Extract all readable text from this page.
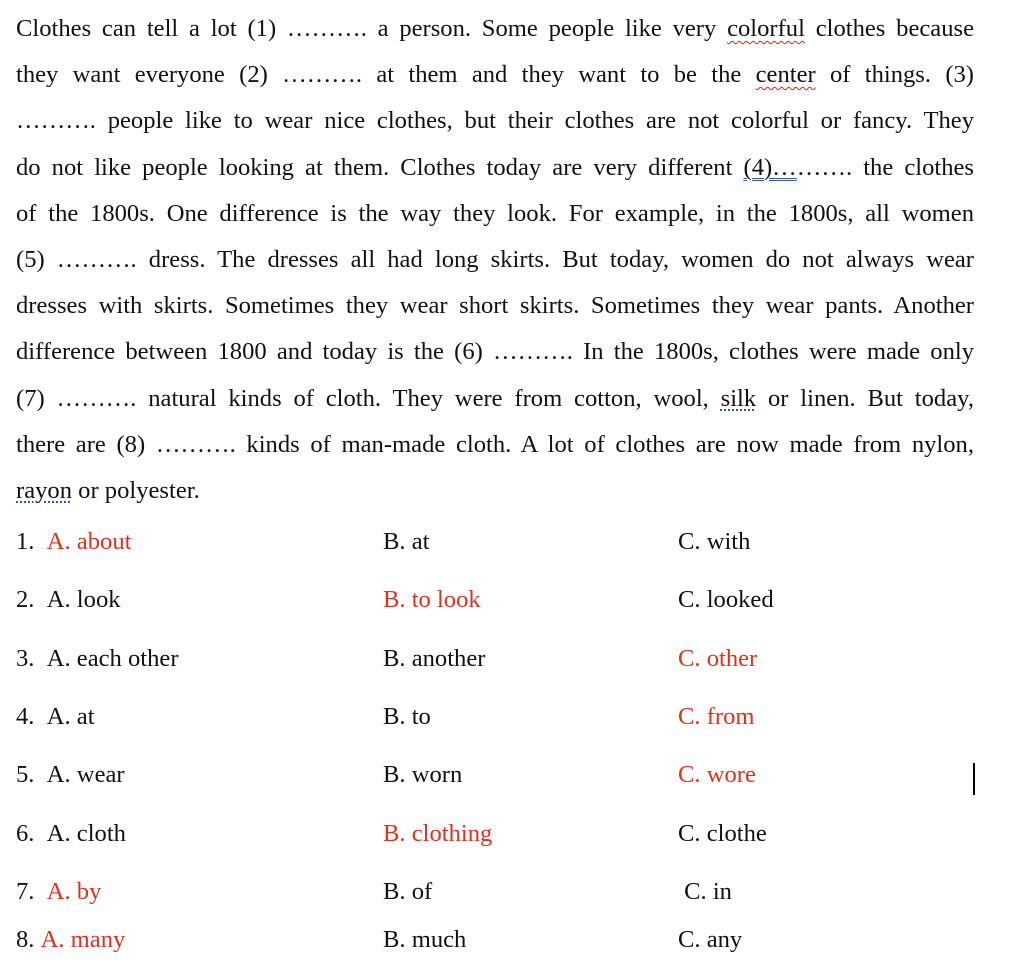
Clothes can tell a lot (1) ………. a person. Some people like very colorful clothes because
they want everyone (2) ………. at them and they want to be the center of things. (3)
………. people like to wear nice clothes, but their clothes are not colorful or fancy. They
do not like people looking at them. Clothes today are very different (4)………. the clothes
of the 1800s. One difference is the way they look. For example, in the 1800s, all women
(5) ………. dress. The dresses all had long skirts. But today, women do not always wear
dresses with skirts. Sometimes they wear short skirts. Sometimes they wear pants. Another
difference between 1800 and today is the (6) ………. In the 1800s, clothes were made only
(7) ………. natural kinds of cloth. They were from cotton, wool, silk or linen. But today,
there are (8) ………. kinds of man-made cloth. A lot of clothes are now made from nylon,
rayon or polyester.
1. A. about	B. at	C. with
2. A. look	B. to look	C. looked
3. A. each other	B. another	C. other
4. A. at	B. to	C. from
5. A. wear	B. worn	C. wore
6. A. cloth	B. clothing	C. clothe
7. A. by	B. of	C. in
8. A. many	B. much	C. any
